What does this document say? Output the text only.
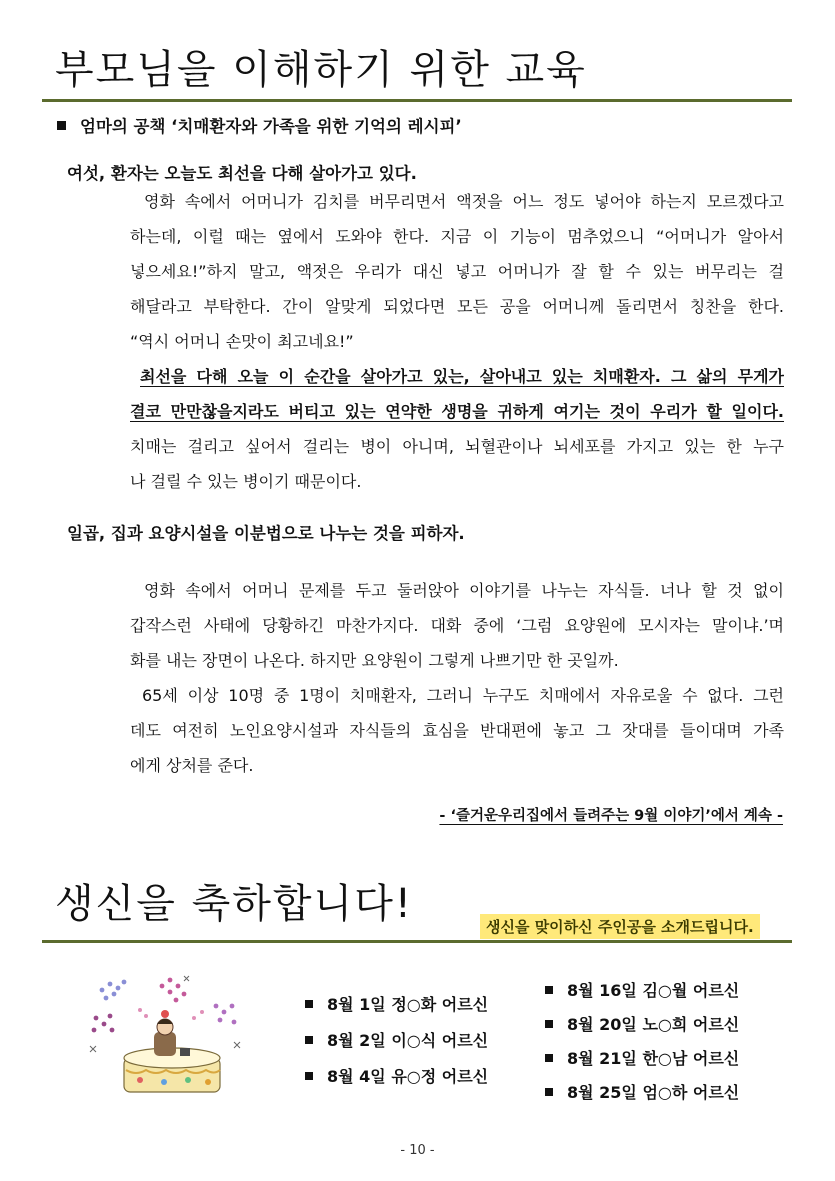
부모님을 이해하기 위한 교육
엄마의 공책 ‘치매환자와 가족을 위한 기억의 레시피’
여섯, 환자는 오늘도 최선을 다해 살아가고 있다.
영화 속에서 어머니가 김치를 버무리면서 액젓을 어느 정도 넣어야 하는지 모르겠다고
하는데, 이럴 때는 옆에서 도와야 한다. 지금 이 기능이 멈추었으니 “어머니가 알아서
넣으세요!”하지 말고, 액젓은 우리가 대신 넣고 어머니가 잘 할 수 있는 버무리는 걸
해달라고 부탁한다. 간이 알맞게 되었다면 모든 공을 어머니께 돌리면서 칭찬을 한다.
“역시 어머니 손맛이 최고네요!”
최선을 다해 오늘 이 순간을 살아가고 있는, 살아내고 있는 치매환자. 그 삶의 무게가
결코 만만찮을지라도 버티고 있는 연약한 생명을 귀하게 여기는 것이 우리가 할 일이다.
치매는 걸리고 싶어서 걸리는 병이 아니며, 뇌혈관이나 뇌세포를 가지고 있는 한 누구
나 걸릴 수 있는 병이기 때문이다.
일곱, 집과 요양시설을 이분법으로 나누는 것을 피하자.
영화 속에서 어머니 문제를 두고 둘러앉아 이야기를 나누는 자식들. 너나 할 것 없이
갑작스런 사태에 당황하긴 마찬가지다. 대화 중에 ‘그럼 요양원에 모시자는 말이냐.’며
화를 내는 장면이 나온다. 하지만 요양원이 그렇게 나쁘기만 한 곳일까.
65세 이상 10명 중 1명이 치매환자, 그러니 누구도 치매에서 자유로울 수 없다. 그런
데도 여전히 노인요양시설과 자식들의 효심을 반대편에 놓고 그 잣대를 들이대며 가족
에게 상처를 준다.
- ‘즐거운우리집에서 들려주는 9월 이야기’에서 계속 -
생신을 축하합니다!	생신을 맞이하신 주인공을 소개드립니다.
8월 1일 정○화 어르신
8월 2일 이○식 어르신
8월 4일 유○정 어르신
8월 16일 김○월 어르신
8월 20일 노○희 어르신
8월 21일 한○남 어르신
8월 25일 엄○하 어르신
- 10 -
